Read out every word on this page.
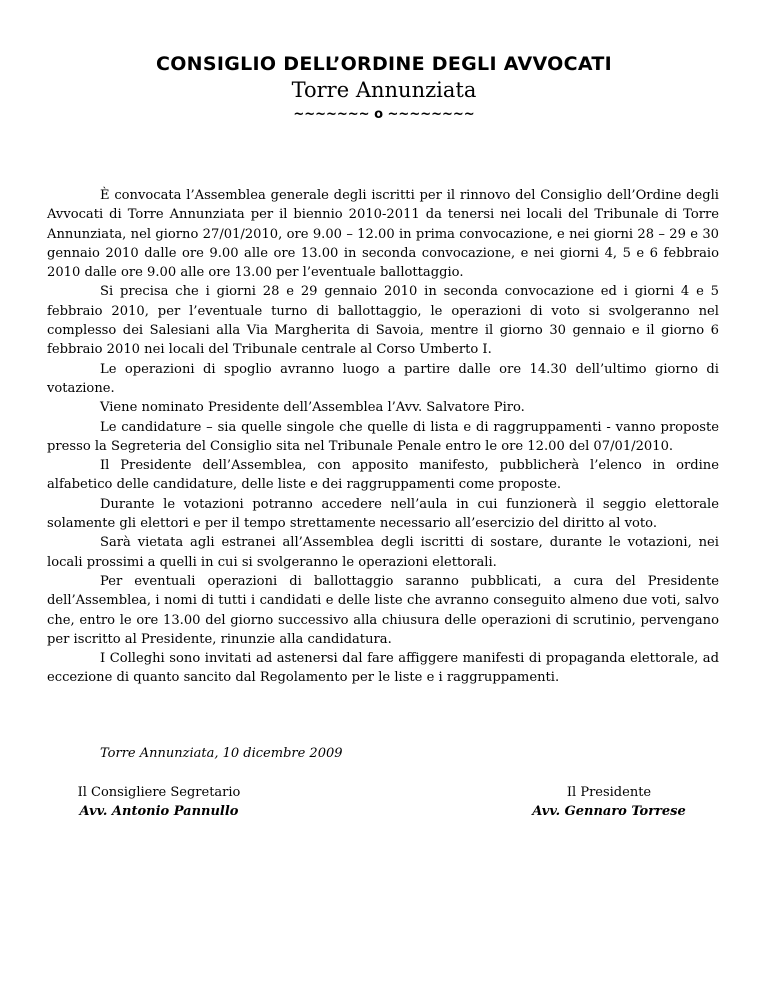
CONSIGLIO DELL’ORDINE DEGLI AVVOCATI
Torre Annunziata
~~~~~~~ o ~~~~~~~~

È convocata l’Assemblea generale degli iscritti per il rinnovo del Consiglio dell’Ordine degli Avvocati di Torre Annunziata per il biennio 2010-2011 da tenersi nei locali del Tribunale di Torre Annunziata, nel giorno 27/01/2010, ore 9.00 – 12.00 in prima convocazione, e nei giorni 28 – 29 e 30 gennaio 2010 dalle ore 9.00 alle ore 13.00 in seconda convocazione, e nei giorni 4, 5 e 6 febbraio 2010 dalle ore 9.00 alle ore 13.00 per l’eventuale ballottaggio.

Si precisa che i giorni 28 e 29 gennaio 2010 in seconda convocazione ed i giorni 4 e 5 febbraio 2010, per l’eventuale turno di ballottaggio, le operazioni di voto si svolgeranno nel complesso dei Salesiani alla Via Margherita di Savoia, mentre il giorno 30 gennaio e il giorno 6 febbraio 2010 nei locali del Tribunale centrale al Corso Umberto I.

Le operazioni di spoglio avranno luogo a partire dalle ore 14.30 dell’ultimo giorno di votazione.

Viene nominato Presidente dell’Assemblea l’Avv. Salvatore Piro.

Le candidature – sia quelle singole che quelle di lista e di raggruppamenti - vanno proposte presso la Segreteria del Consiglio sita nel Tribunale Penale entro le ore 12.00 del 07/01/2010.

Il Presidente dell’Assemblea, con apposito manifesto, pubblicherà l’elenco in ordine alfabetico delle candidature, delle liste e dei raggruppamenti come proposte.

Durante le votazioni potranno accedere nell’aula in cui funzionerà il seggio elettorale solamente gli elettori e per il tempo strettamente necessario all’esercizio del diritto al voto.

Sarà vietata agli estranei all’Assemblea degli iscritti di sostare, durante le votazioni, nei locali prossimi a quelli in cui si svolgeranno le operazioni elettorali.

Per eventuali operazioni di ballottaggio saranno pubblicati, a cura del Presidente dell’Assemblea, i nomi di tutti i candidati e delle liste che avranno conseguito almeno due voti, salvo che, entro le ore 13.00 del giorno successivo alla chiusura delle operazioni di scrutinio, pervengano per iscritto al Presidente, rinunzie alla candidatura.

I Colleghi sono invitati ad astenersi dal fare affiggere manifesti di propaganda elettorale, ad eccezione di quanto sancito dal Regolamento per le liste e i raggruppamenti.

Torre Annunziata, 10 dicembre 2009
Il Consigliere Segretario
Avv. Antonio Pannullo
Il Presidente
Avv. Gennaro Torrese
